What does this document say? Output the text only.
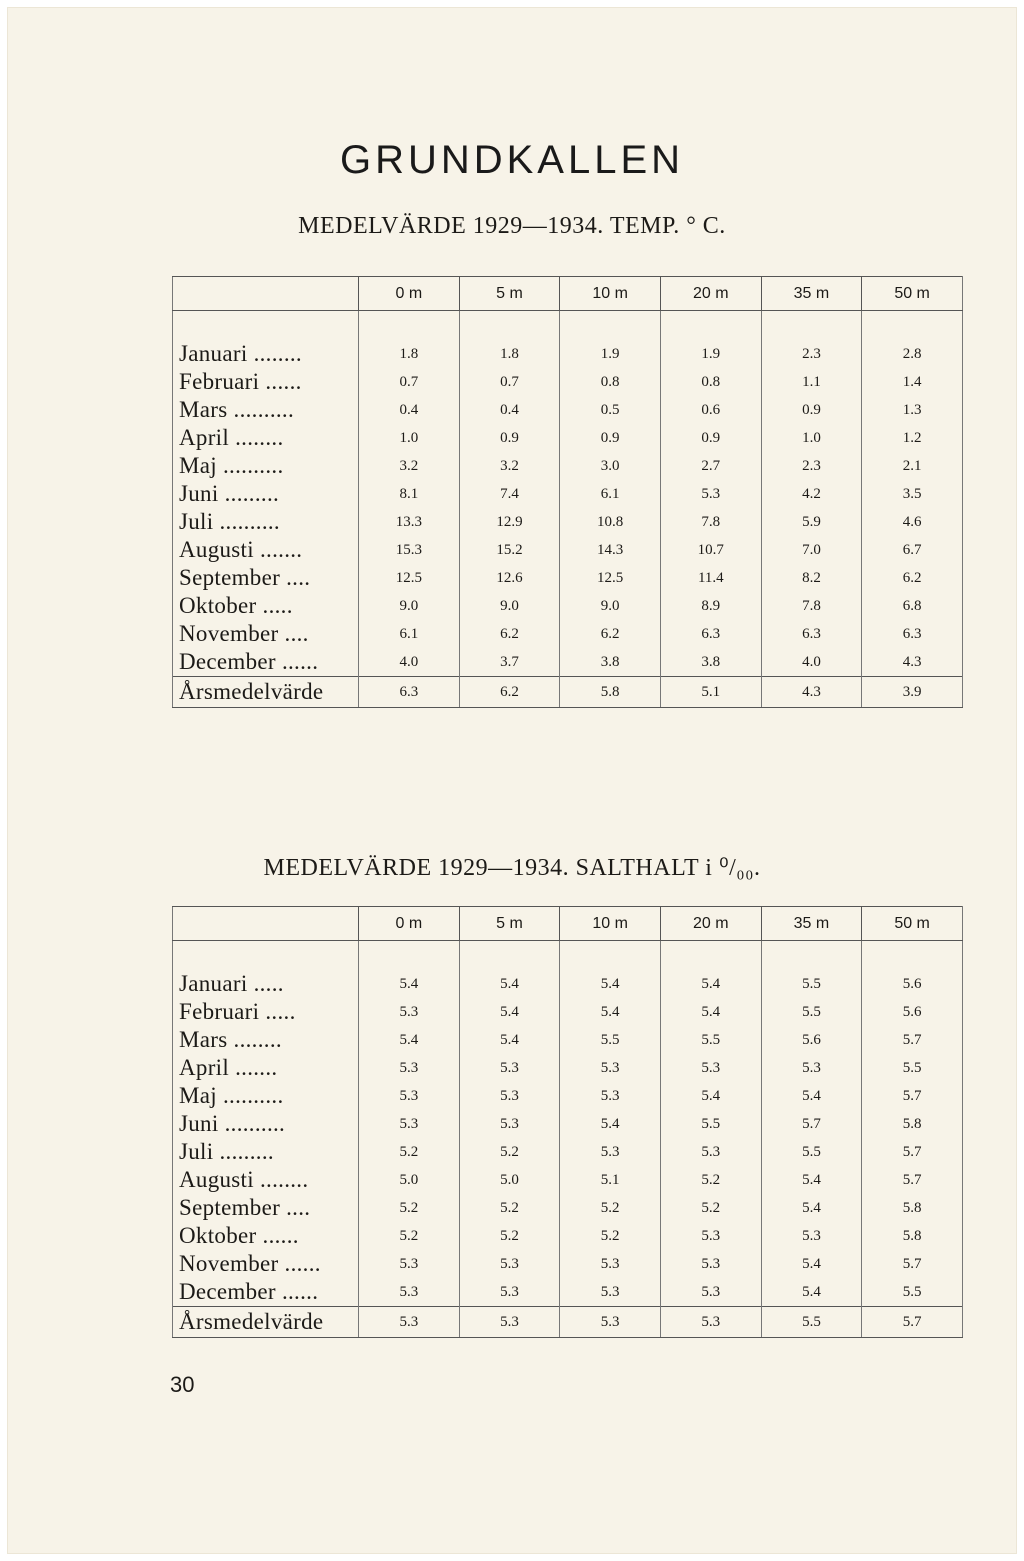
GRUNDKALLEN
MEDELVÄRDE 1929—1934. TEMP. ° C.
	0 m	5 m	10 m	20 m	35 m	50 m

Januari ........	1.8	1.8	1.9	1.9	2.3	2.8
Februari ......	0.7	0.7	0.8	0.8	1.1	1.4
Mars ..........	0.4	0.4	0.5	0.6	0.9	1.3
April ........	1.0	0.9	0.9	0.9	1.0	1.2
Maj ..........	3.2	3.2	3.0	2.7	2.3	2.1
Juni .........	8.1	7.4	6.1	5.3	4.2	3.5
Juli ..........	13.3	12.9	10.8	7.8	5.9	4.6
Augusti .......	15.3	15.2	14.3	10.7	7.0	6.7
September ....	12.5	12.6	12.5	11.4	8.2	6.2
Oktober .....	9.0	9.0	9.0	8.9	7.8	6.8
November ....	6.1	6.2	6.2	6.3	6.3	6.3
December ......	4.0	3.7	3.8	3.8	4.0	4.3
Årsmedelvärde	6.3	6.2	5.8	5.1	4.3	3.9
MEDELVÄRDE 1929—1934. SALTHALT i ⁰/₀₀.
	0 m	5 m	10 m	20 m	35 m	50 m

Januari .....	5.4	5.4	5.4	5.4	5.5	5.6
Februari .....	5.3	5.4	5.4	5.4	5.5	5.6
Mars ........	5.4	5.4	5.5	5.5	5.6	5.7
April .......	5.3	5.3	5.3	5.3	5.3	5.5
Maj ..........	5.3	5.3	5.3	5.4	5.4	5.7
Juni ..........	5.3	5.3	5.4	5.5	5.7	5.8
Juli .........	5.2	5.2	5.3	5.3	5.5	5.7
Augusti ........	5.0	5.0	5.1	5.2	5.4	5.7
September ....	5.2	5.2	5.2	5.2	5.4	5.8
Oktober ......	5.2	5.2	5.2	5.3	5.3	5.8
November ......	5.3	5.3	5.3	5.3	5.4	5.7
December ......	5.3	5.3	5.3	5.3	5.4	5.5
Årsmedelvärde	5.3	5.3	5.3	5.3	5.5	5.7
30
